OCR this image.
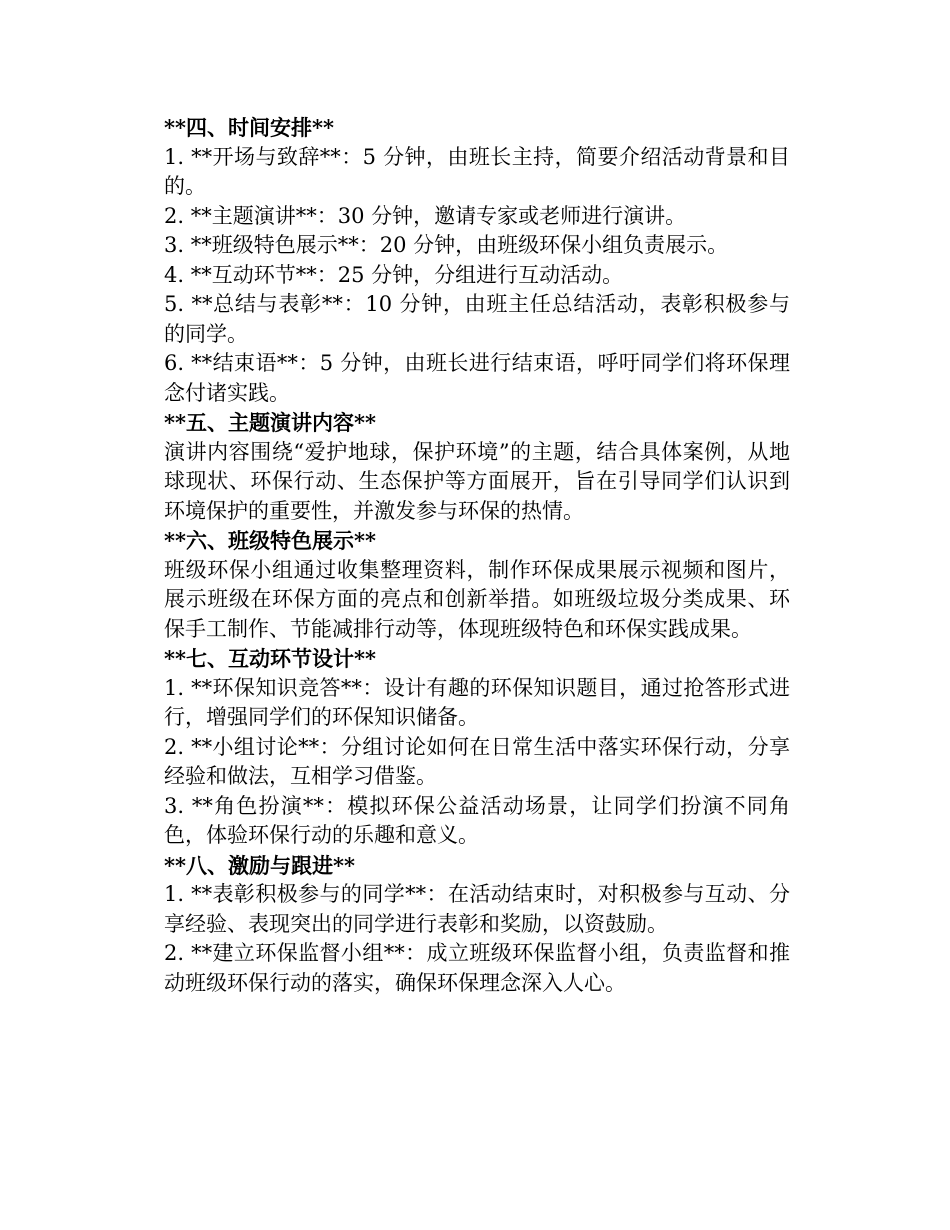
**四、时间安排**

1. **开场与致辞**：5 分钟，由班长主持，简要介绍活动背景和目的。

2. **主题演讲**：30 分钟，邀请专家或老师进行演讲。

3. **班级特色展示**：20 分钟，由班级环保小组负责展示。

4. **互动环节**：25 分钟，分组进行互动活动。

5. **总结与表彰**：10 分钟，由班主任总结活动，表彰积极参与的同学。

6. **结束语**：5 分钟，由班长进行结束语，呼吁同学们将环保理念付诸实践。

**五、主题演讲内容**

演讲内容围绕“爱护地球，保护环境”的主题，结合具体案例，从地球现状、环保行动、生态保护等方面展开，旨在引导同学们认识到环境保护的重要性，并激发参与环保的热情。

**六、班级特色展示**

班级环保小组通过收集整理资料，制作环保成果展示视频和图片，展示班级在环保方面的亮点和创新举措。如班级垃圾分类成果、环保手工制作、节能减排行动等，体现班级特色和环保实践成果。

**七、互动环节设计**

1. **环保知识竞答**：设计有趣的环保知识题目，通过抢答形式进行，增强同学们的环保知识储备。

2. **小组讨论**：分组讨论如何在日常生活中落实环保行动，分享经验和做法，互相学习借鉴。

3. **角色扮演**：模拟环保公益活动场景，让同学们扮演不同角色，体验环保行动的乐趣和意义。

**八、激励与跟进**

1. **表彰积极参与的同学**：在活动结束时，对积极参与互动、分享经验、表现突出的同学进行表彰和奖励，以资鼓励。

2. **建立环保监督小组**：成立班级环保监督小组，负责监督和推动班级环保行动的落实，确保环保理念深入人心。
